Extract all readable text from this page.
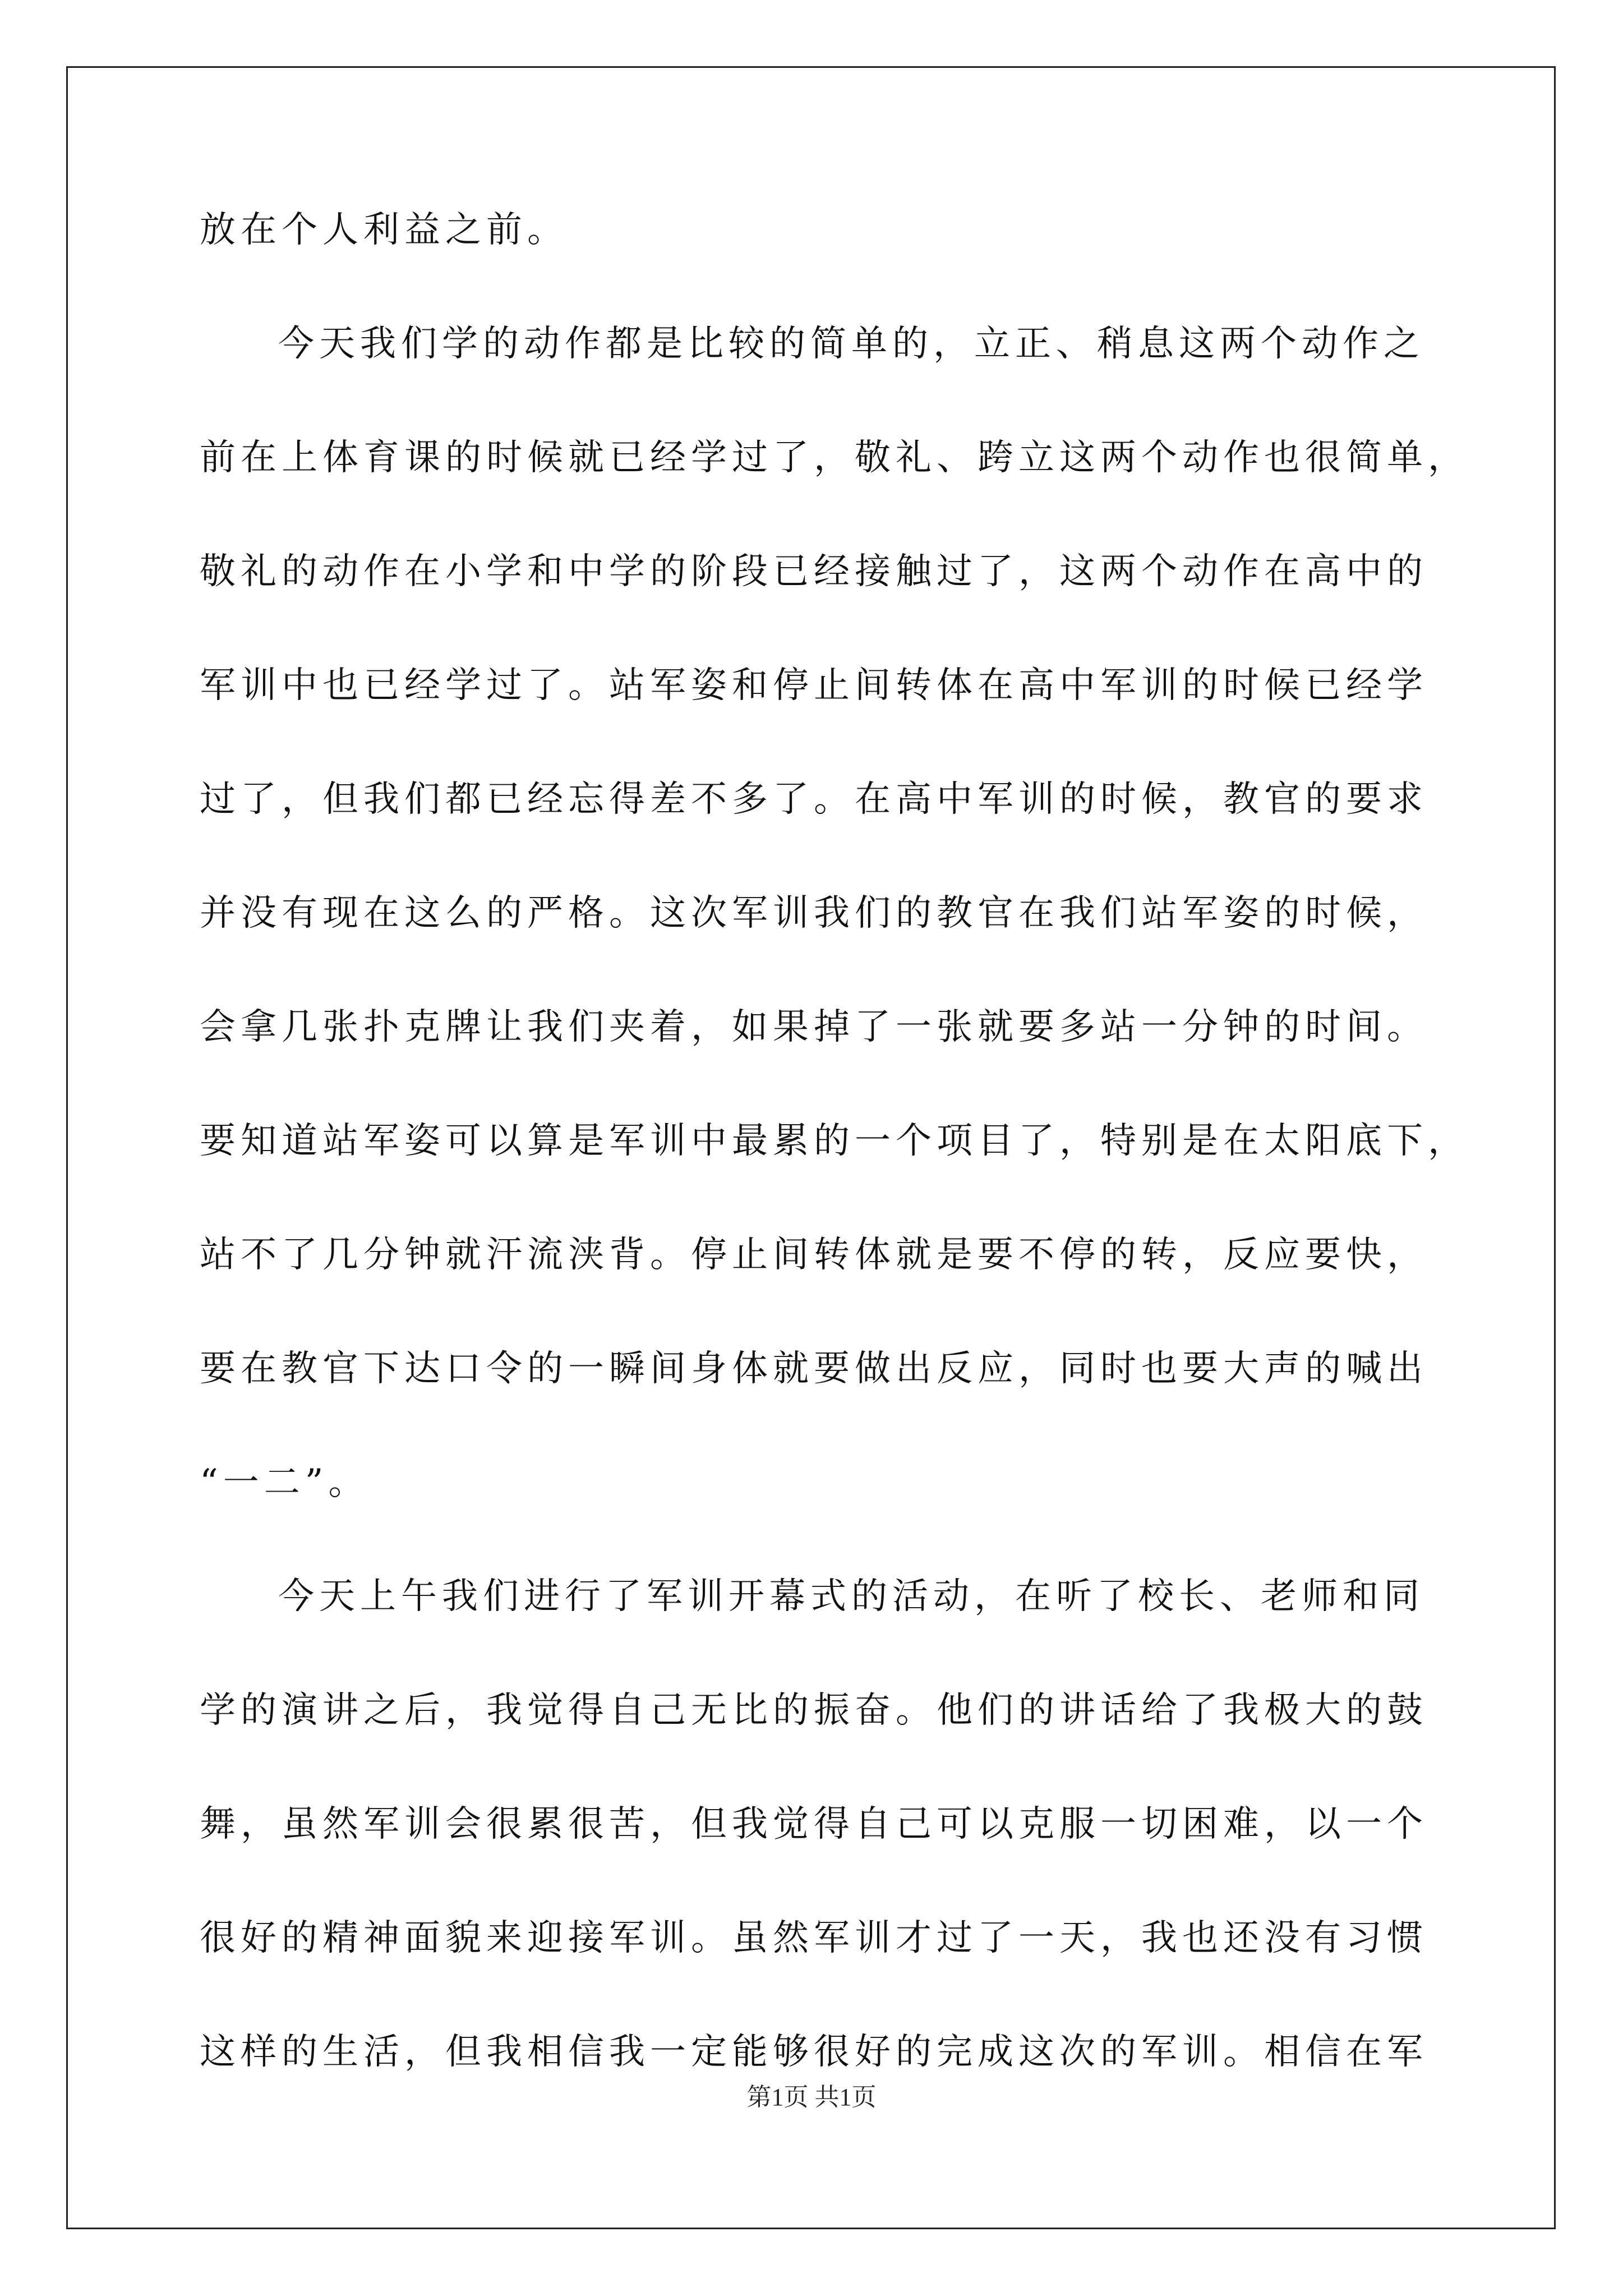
放在个人利益之前。
今天我们学的动作都是比较的简单的，立正、稍息这两个动作之
前在上体育课的时候就已经学过了，敬礼、跨立这两个动作也很简单，
敬礼的动作在小学和中学的阶段已经接触过了，这两个动作在高中的
军训中也已经学过了。站军姿和停止间转体在高中军训的时候已经学
过了，但我们都已经忘得差不多了。在高中军训的时候，教官的要求
并没有现在这么的严格。这次军训我们的教官在我们站军姿的时候，
会拿几张扑克牌让我们夹着，如果掉了一张就要多站一分钟的时间。
要知道站军姿可以算是军训中最累的一个项目了，特别是在太阳底下，
站不了几分钟就汗流浃背。停止间转体就是要不停的转，反应要快，
要在教官下达口令的一瞬间身体就要做出反应，同时也要大声的喊出
“一二”。
今天上午我们进行了军训开幕式的活动，在听了校长、老师和同
学的演讲之后，我觉得自己无比的振奋。他们的讲话给了我极大的鼓
舞，虽然军训会很累很苦，但我觉得自己可以克服一切困难，以一个
很好的精神面貌来迎接军训。虽然军训才过了一天，我也还没有习惯
这样的生活，但我相信我一定能够很好的完成这次的军训。相信在军
第1页 共1页
